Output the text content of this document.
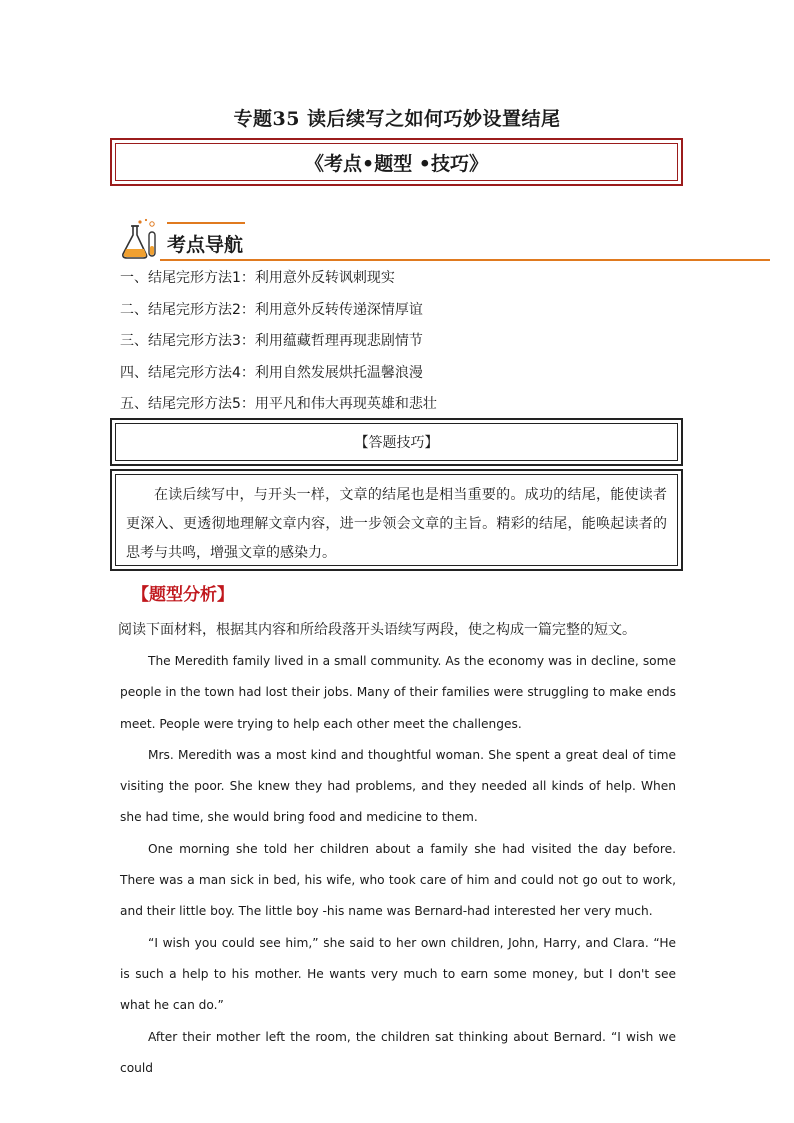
专题35 读后续写之如何巧妙设置结尾
《考点•题型 •技巧》
考点导航
一、结尾完形方法1：利用意外反转讽刺现实
二、结尾完形方法2：利用意外反转传递深情厚谊
三、结尾完形方法3：利用蕴藏哲理再现悲剧情节
四、结尾完形方法4：利用自然发展烘托温馨浪漫
五、结尾完形方法5：用平凡和伟大再现英雄和悲壮
【答题技巧】
在读后续写中，与开头一样，文章的结尾也是相当重要的。成功的结尾，能使读者更深入、更透彻地理解文章内容，进一步领会文章的主旨。精彩的结尾，能唤起读者的思考与共鸣，增强文章的感染力。
【题型分析】
阅读下面材料，根据其内容和所给段落开头语续写两段，使之构成一篇完整的短文。

The Meredith family lived in a small community. As the economy was in decline, some people in the town had lost their jobs. Many of their families were struggling to make ends meet. People were trying to help each other meet the challenges.

Mrs. Meredith was a most kind and thoughtful woman. She spent a great deal of time visiting the poor. She knew they had problems, and they needed all kinds of help. When she had time, she would bring food and medicine to them.

One morning she told her children about a family she had visited the day before. There was a man sick in bed, his wife, who took care of him and could not go out to work, and their little boy. The little boy -his name was Bernard-had interested her very much.

“I wish you could see him,” she said to her own children, John, Harry, and Clara. “He is such a help to his mother. He wants very much to earn some money, but I don't see what he can do.”

After their mother left the room, the children sat thinking about Bernard. “I wish we could
